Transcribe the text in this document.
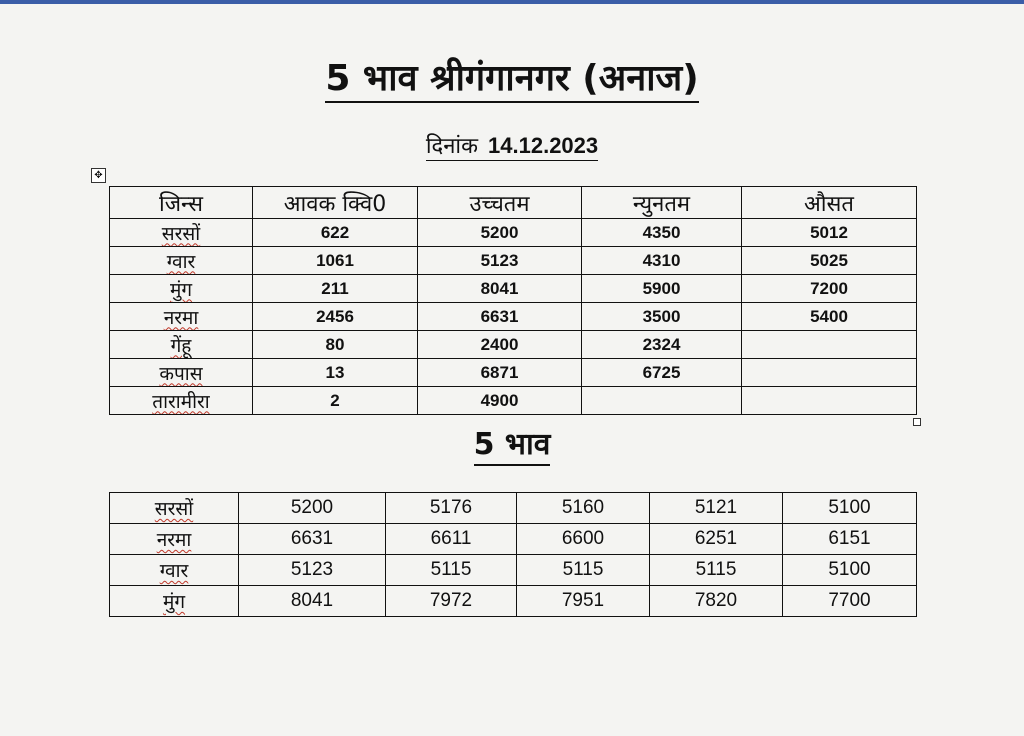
5 भाव श्रीगंगानगर (अनाज)
दिनांक 14.12.2023
✥
जिन्स	आवक क्वि0	उच्चतम	न्युनतम	औसत
सरसों	622	5200	4350	5012
ग्वार	1061	5123	4310	5025
मुंग	211	8041	5900	7200
नरमा	2456	6631	3500	5400
गेंहू	80	2400	2324	
कपास	13	6871	6725	
तारामीरा	2	4900		
5 भाव
सरसों	5200	5176	5160	5121	5100
नरमा	6631	6611	6600	6251	6151
ग्वार	5123	5115	5115	5115	5100
मुंग	8041	7972	7951	7820	7700
